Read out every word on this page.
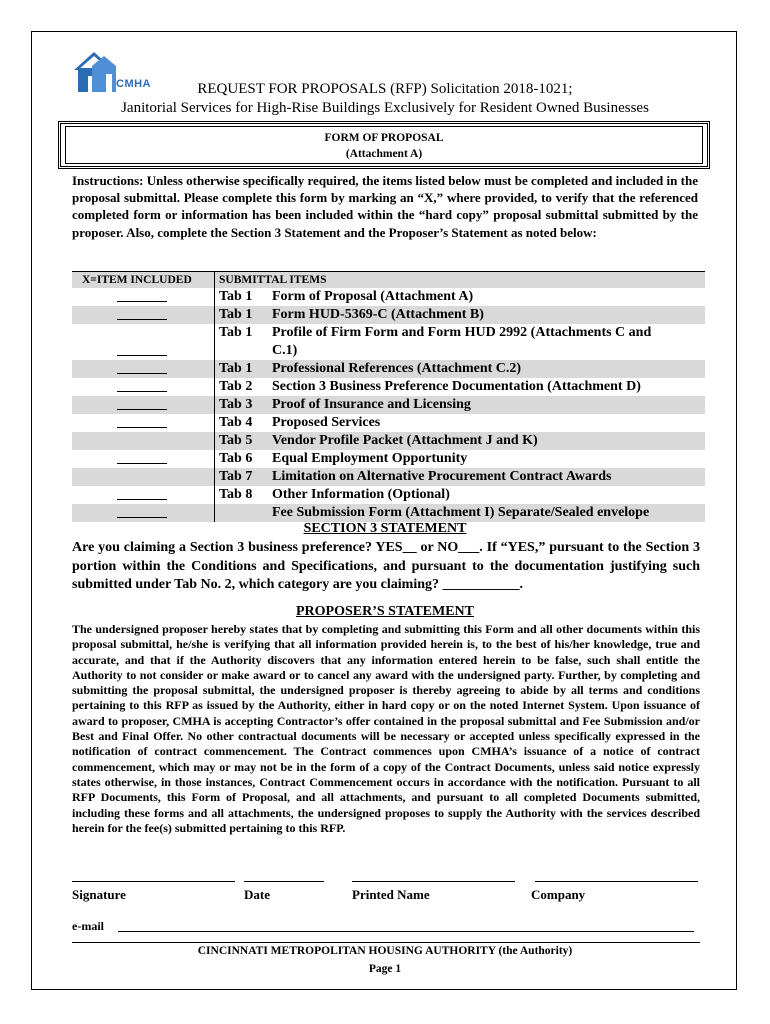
CMHA	REQUEST FOR PROPOSALS (RFP) Solicitation 2018-1021;
Janitorial Services for High-Rise Buildings Exclusively for Resident Owned Businesses
FORM OF PROPOSAL
(Attachment A)
Instructions: Unless otherwise specifically required, the items listed below must be completed and included in the proposal submittal. Please complete this form by marking an “X,” where provided, to verify that the referenced completed form or information has been included within the “hard copy” proposal submittal submitted by the proposer. Also, complete the Section 3 Statement and the Proposer’s Statement as noted below:
X=ITEM INCLUDED	SUBMITTAL ITEMS
Tab 1	Form of Proposal (Attachment A)
Tab 1	Form HUD-5369-C (Attachment B)
Tab 1	Profile of Firm Form and Form HUD 2992 (Attachments C and
C.1)
Tab 1	Professional References (Attachment C.2)
Tab 2	Section 3 Business Preference Documentation (Attachment D)
Tab 3	Proof of Insurance and Licensing
Tab 4	Proposed Services
Tab 5	Vendor Profile Packet (Attachment J and K)
Tab 6	Equal Employment Opportunity
Tab 7	Limitation on Alternative Procurement Contract Awards
Tab 8	Other Information (Optional)
Fee Submission Form (Attachment I) Separate/Sealed envelope
SECTION 3 STATEMENT
Are you claiming a Section 3 business preference? YES__ or NO___. If “YES,” pursuant to the Section 3 portion within the Conditions and Specifications, and pursuant to the documentation justifying such submitted under Tab No. 2, which category are you claiming? ___________.
PROPOSER’S STATEMENT
The undersigned proposer hereby states that by completing and submitting this Form and all other documents within this proposal submittal, he/she is verifying that all information provided herein is, to the best of his/her knowledge, true and accurate, and that if the Authority discovers that any information entered herein to be false, such shall entitle the Authority to not consider or make award or to cancel any award with the undersigned party. Further, by completing and submitting the proposal submittal, the undersigned proposer is thereby agreeing to abide by all terms and conditions pertaining to this RFP as issued by the Authority, either in hard copy or on the noted Internet System. Upon issuance of award to proposer, CMHA is accepting Contractor’s offer contained in the proposal submittal and Fee Submission and/or Best and Final Offer. No other contractual documents will be necessary or accepted unless specifically expressed in the notification of contract commencement. The Contract commences upon CMHA’s issuance of a notice of contract commencement, which may or may not be in the form of a copy of the Contract Documents, unless said notice expressly states otherwise, in those instances, Contract Commencement occurs in accordance with the notification. Pursuant to all RFP Documents, this Form of Proposal, and all attachments, and pursuant to all completed Documents submitted, including these forms and all attachments, the undersigned proposes to supply the Authority with the services described herein for the fee(s) submitted pertaining to this RFP.
Signature	Date	Printed Name	Company
e-mail
CINCINNATI METROPOLITAN HOUSING AUTHORITY (the Authority)
Page 1
